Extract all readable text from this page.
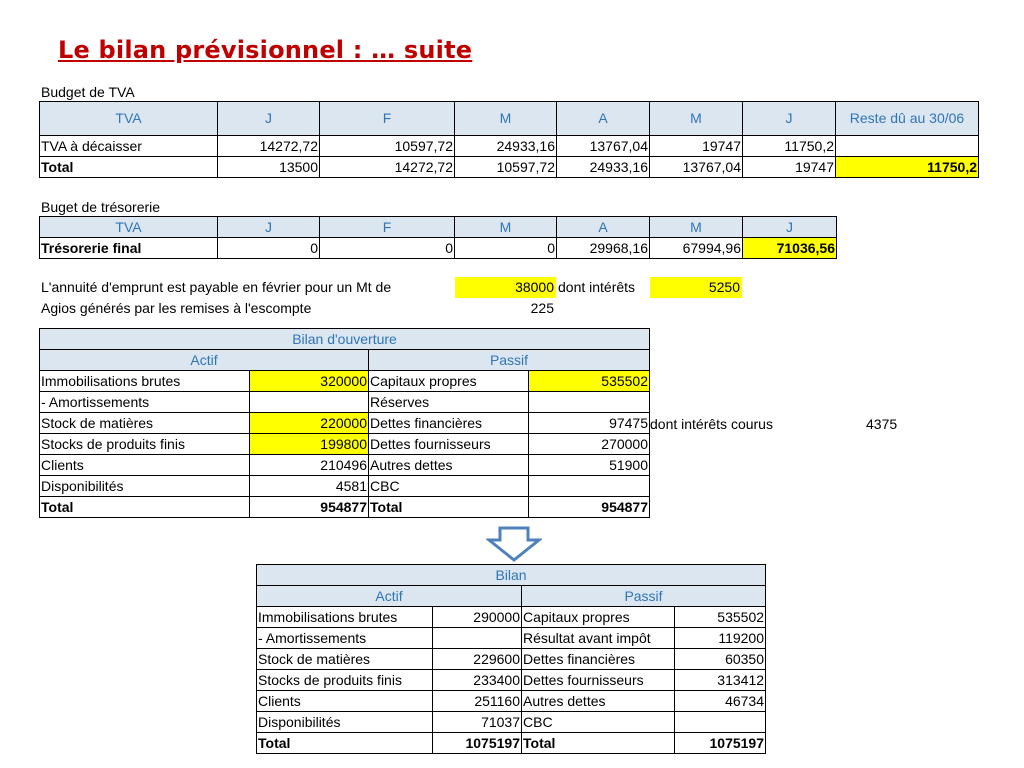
Le bilan prévisionnel : … suite
Budget de TVA
TVA	J	F	M	A	M	J	Reste dû au 30/06
TVA à décaisser	14272,72	10597,72	24933,16	13767,04	19747	11750,2	
Total	13500	14272,72	10597,72	24933,16	13767,04	19747	11750,2
Buget de trésorerie
TVA	J	F	M	A	M	J
Trésorerie final	0	0	0	29968,16	67994,96	71036,56
L'annuité d'emprunt est payable en février pour un Mt de	38000 dont intérêts	5250
Agios générés par les remises à l'escompte	225
Bilan d'ouverture			
Actif		Passif	
Immobilisations brutes	320000	Capitaux propres	535502
- Amortissements		Réserves	
Stock de matières	220000	Dettes financières	97475
Stocks de produits finis	199800	Dettes fournisseurs	270000
Clients	210496	Autres dettes	51900
Disponibilités	4581	CBC	
Total	954877	Total	954877
dont intérêts courus	4375
Bilan			
Actif		Passif	
Immobilisations brutes	290000	Capitaux propres	535502
- Amortissements		Résultat avant impôt	119200
Stock de matières	229600	Dettes financières	60350
Stocks de produits finis	233400	Dettes fournisseurs	313412
Clients	251160	Autres dettes	46734
Disponibilités	71037	CBC	
Total	1075197	Total	1075197
